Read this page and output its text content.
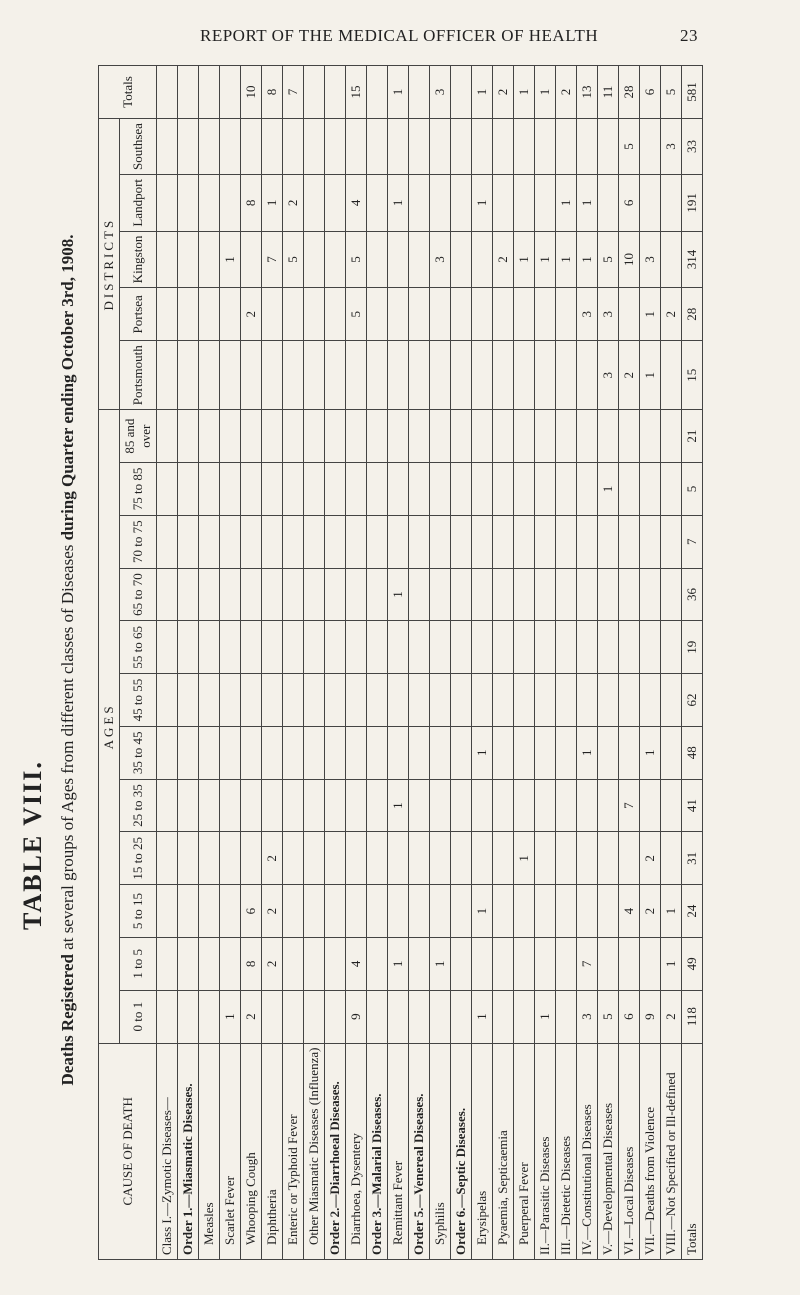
REPORT OF THE MEDICAL OFFICER OF HEALTH	23
TABLE VIII.
Deaths Registered at several groups of Ages from different classes of Diseases during Quarter ending October 3rd, 1908.
CAUSE OF DEATH	AGES												DISTRICTS					Totals
	0 to 1	1 to 5	5 to 15	15 to 25	25 to 35	35 to 45	45 to 55	55 to 65	65 to 70	70 to 75	75 to 85	85 and over	Portsmouth	Portsea	Kingston	Landport	Southsea	
Class I.—Zymotic Diseases—																		
Order 1.—Miasmatic Diseases.																		
Measles																		
Scarlet Fever	1														1			
Whooping Cough	2	8	6											2		8		10
Diphtheria		2	2	2											7	1		8
Enteric or Typhoid Fever															5	2		7
Other Miasmatic Diseases (Influenza)																		
Order 2.—Diarrhoeal Diseases.																		
Diarrhoea, Dysentery	9	4												5	5	4		15
Order 3.—Malarial Diseases.																		
Remittant Fever		1			1				1							1		1
Order 5.—Venereal Diseases.																		
Syphilis		1													3			3
Order 6.—Septic Diseases.																		
Erysipelas	1		1			1										1		1
Pyaemia, Septicaemia															2			2
Puerperal Fever				1											1			1
II.—Parasitic Diseases	1														1			1
III.—Dietetic Diseases															1	1		2
IV.—Constitutional Diseases	3	7				1								3	1	1		13
V.—Developmental Diseases	5										1		3	3	5			11
VI.—Local Diseases	6		4		7								2		10	6	5	28
VII.—Deaths from Violence	9		2	2		1							1	1	3			6
VIII.—Not Specified or Ill-defined	2	1	1											2			3	5
Totals	118	49	24	31	41	48	62	19	36	7	5	21	15	28	314	191	33	581
